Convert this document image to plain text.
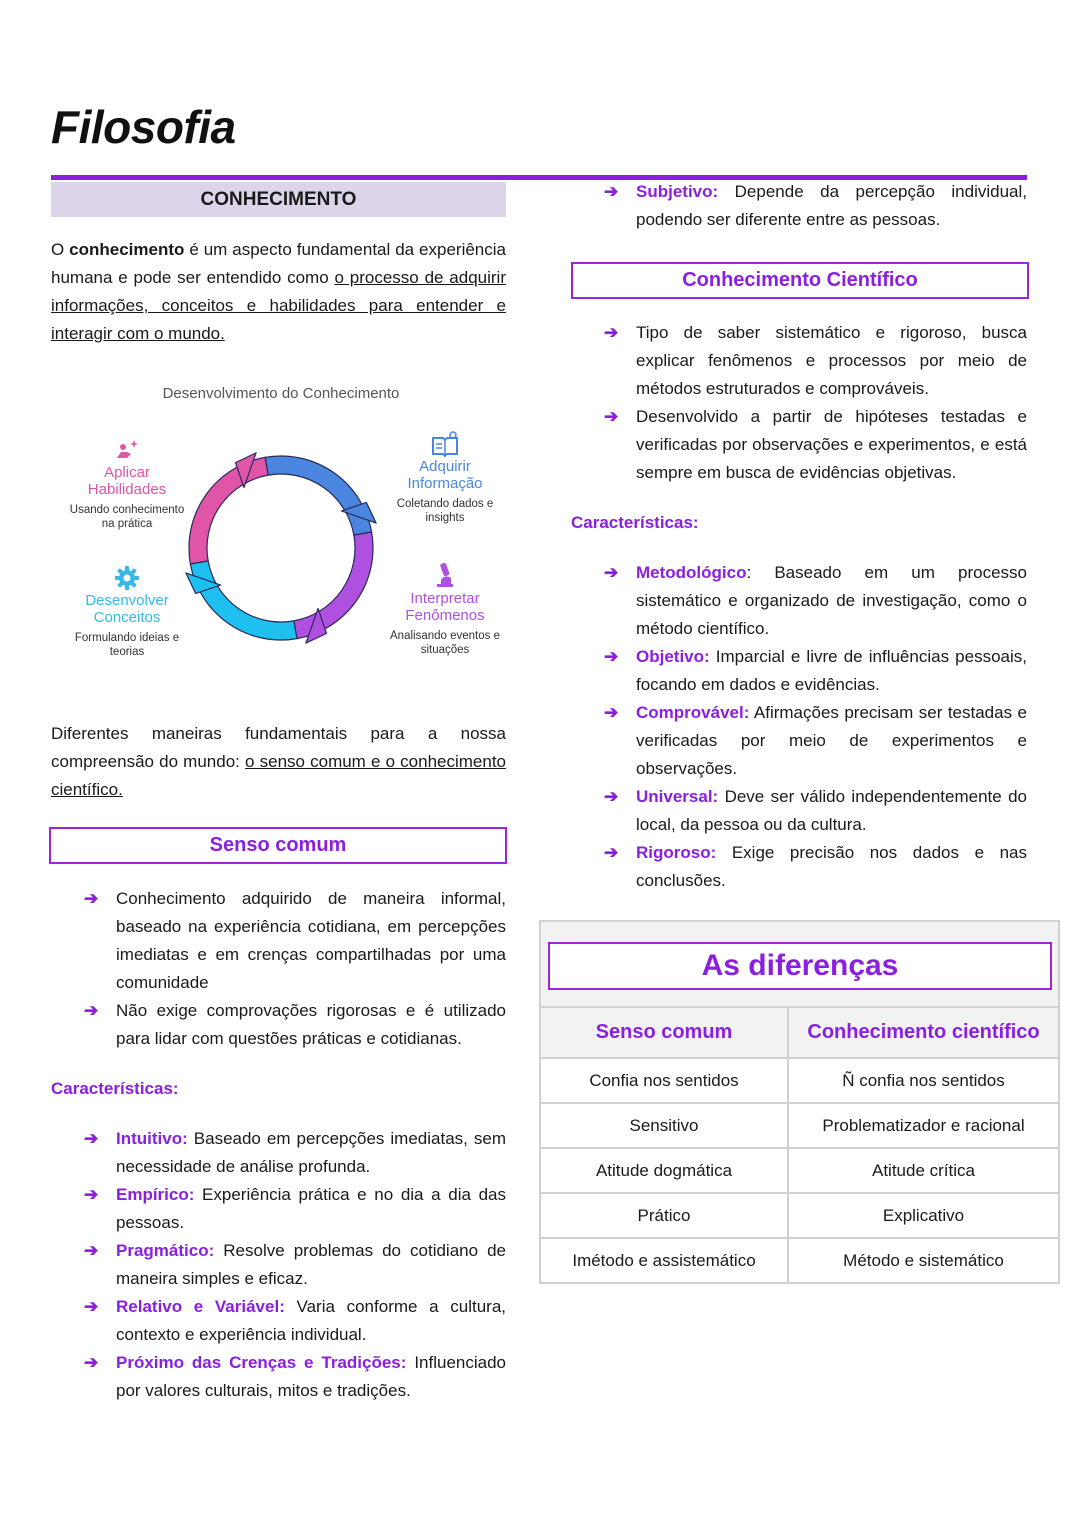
Filosofia
CONHECIMENTO

O conhecimento é um aspecto fundamental da experiência humana e pode ser entendido como o processo de adquirir informações, conceitos e habilidades para entender e interagir com o mundo.

Desenvolvimento do Conhecimento
Aplicar Habilidades
Usando conhecimento na prática
Adquirir Informação
Coletando dados e insights
Interpretar Fenômenos
Analisando eventos e situações
Desenvolver Conceitos
Formulando ideias e teorias

Diferentes maneiras fundamentais para a nossa compreensão do mundo: o senso comum e o conhecimento científico.

Senso comum
➔ Conhecimento adquirido de maneira informal, baseado na experiência cotidiana, em percepções imediatas e em crenças compartilhadas por uma comunidade
➔ Não exige comprovações rigorosas e é utilizado para lidar com questões práticas e cotidianas.
Características:
➔ Intuitivo: Baseado em percepções imediatas, sem necessidade de análise profunda.
➔ Empírico: Experiência prática e no dia a dia das pessoas.
➔ Pragmático: Resolve problemas do cotidiano de maneira simples e eficaz.
➔ Relativo e Variável: Varia conforme a cultura, contexto e experiência individual.
➔ Próximo das Crenças e Tradições: Influenciado por valores culturais, mitos e tradições.
➔ Subjetivo: Depende da percepção individual, podendo ser diferente entre as pessoas.
Conhecimento Científico
➔ Tipo de saber sistemático e rigoroso, busca explicar fenômenos e processos por meio de métodos estruturados e comprováveis.
➔ Desenvolvido a partir de hipóteses testadas e verificadas por observações e experimentos, e está sempre em busca de evidências objetivas.
Características:
➔ Metodológico: Baseado em um processo sistemático e organizado de investigação, como o método científico.
➔ Objetivo: Imparcial e livre de influências pessoais, focando em dados e evidências.
➔ Comprovável: Afirmações precisam ser testadas e verificadas por meio de experimentos e observações.
➔ Universal: Deve ser válido independentemente do local, da pessoa ou da cultura.
➔ Rigoroso: Exige precisão nos dados e nas conclusões.
As diferenças
Senso comum	Conhecimento científico
Confia nos sentidos	Ñ confia nos sentidos
Sensitivo	Problematizador e racional
Atitude dogmática	Atitude crítica
Prático	Explicativo
Imétodo e assistemático	Método e sistemático
